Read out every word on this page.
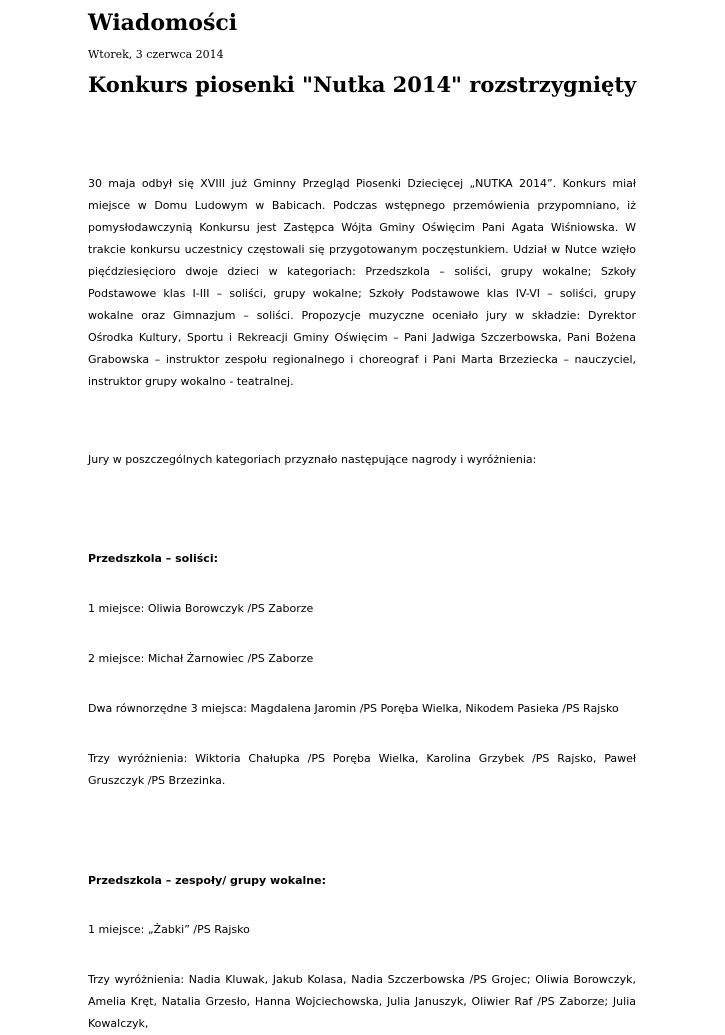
Wiadomości
Wtorek, 3 czerwca 2014
Konkurs piosenki "Nutka 2014" rozstrzygnięty

30 maja odbył się XVIII już Gminny Przegląd Piosenki Dziecięcej „NUTKA 2014”. Konkurs miał miejsce w Domu Ludowym w Babicach. Podczas wstępnego przemówienia przypomniano, iż pomysłodawczynią Konkursu jest Zastępca Wójta Gminy Oświęcim Pani Agata Wiśniowska. W trakcie konkursu uczestnicy częstowali się przygotowanym poczęstunkiem. Udział w Nutce wzięło pięćdziesięcioro dwoje dzieci w kategoriach: Przedszkola – soliści, grupy wokalne; Szkoły Podstawowe klas I-III – soliści, grupy wokalne; Szkoły Podstawowe klas IV-VI – soliści, grupy wokalne oraz Gimnazjum – soliści. Propozycje muzyczne oceniało jury w składzie: Dyrektor Ośrodka Kultury, Sportu i Rekreacji Gminy Oświęcim – Pani Jadwiga Szczerbowska, Pani Bożena Grabowska – instruktor zespołu regionalnego i choreograf i Pani Marta Brzeziecka – nauczyciel, instruktor grupy wokalno - teatralnej.

Jury w poszczególnych kategoriach przyznało następujące nagrody i wyróżnienia:

Przedszkola – soliści:

1 miejsce: Oliwia Borowczyk /PS Zaborze

2 miejsce: Michał Żarnowiec /PS Zaborze

Dwa równorzędne 3 miejsca: Magdalena Jaromin /PS Poręba Wielka, Nikodem Pasieka /PS Rajsko

Trzy wyróżnienia: Wiktoria Chałupka /PS Poręba Wielka, Karolina Grzybek /PS Rajsko, Paweł Gruszczyk /PS Brzezinka.

Przedszkola – zespoły/ grupy wokalne:

1 miejsce: „Żabki” /PS Rajsko

Trzy wyróżnienia: Nadia Kluwak, Jakub Kolasa, Nadia Szczerbowska /PS Grojec; Oliwia Borowczyk, Amelia Kręt, Natalia Grzesło, Hanna Wojciechowska, Julia Januszyk, Oliwier Raf /PS Zaborze; Julia Kowalczyk,
